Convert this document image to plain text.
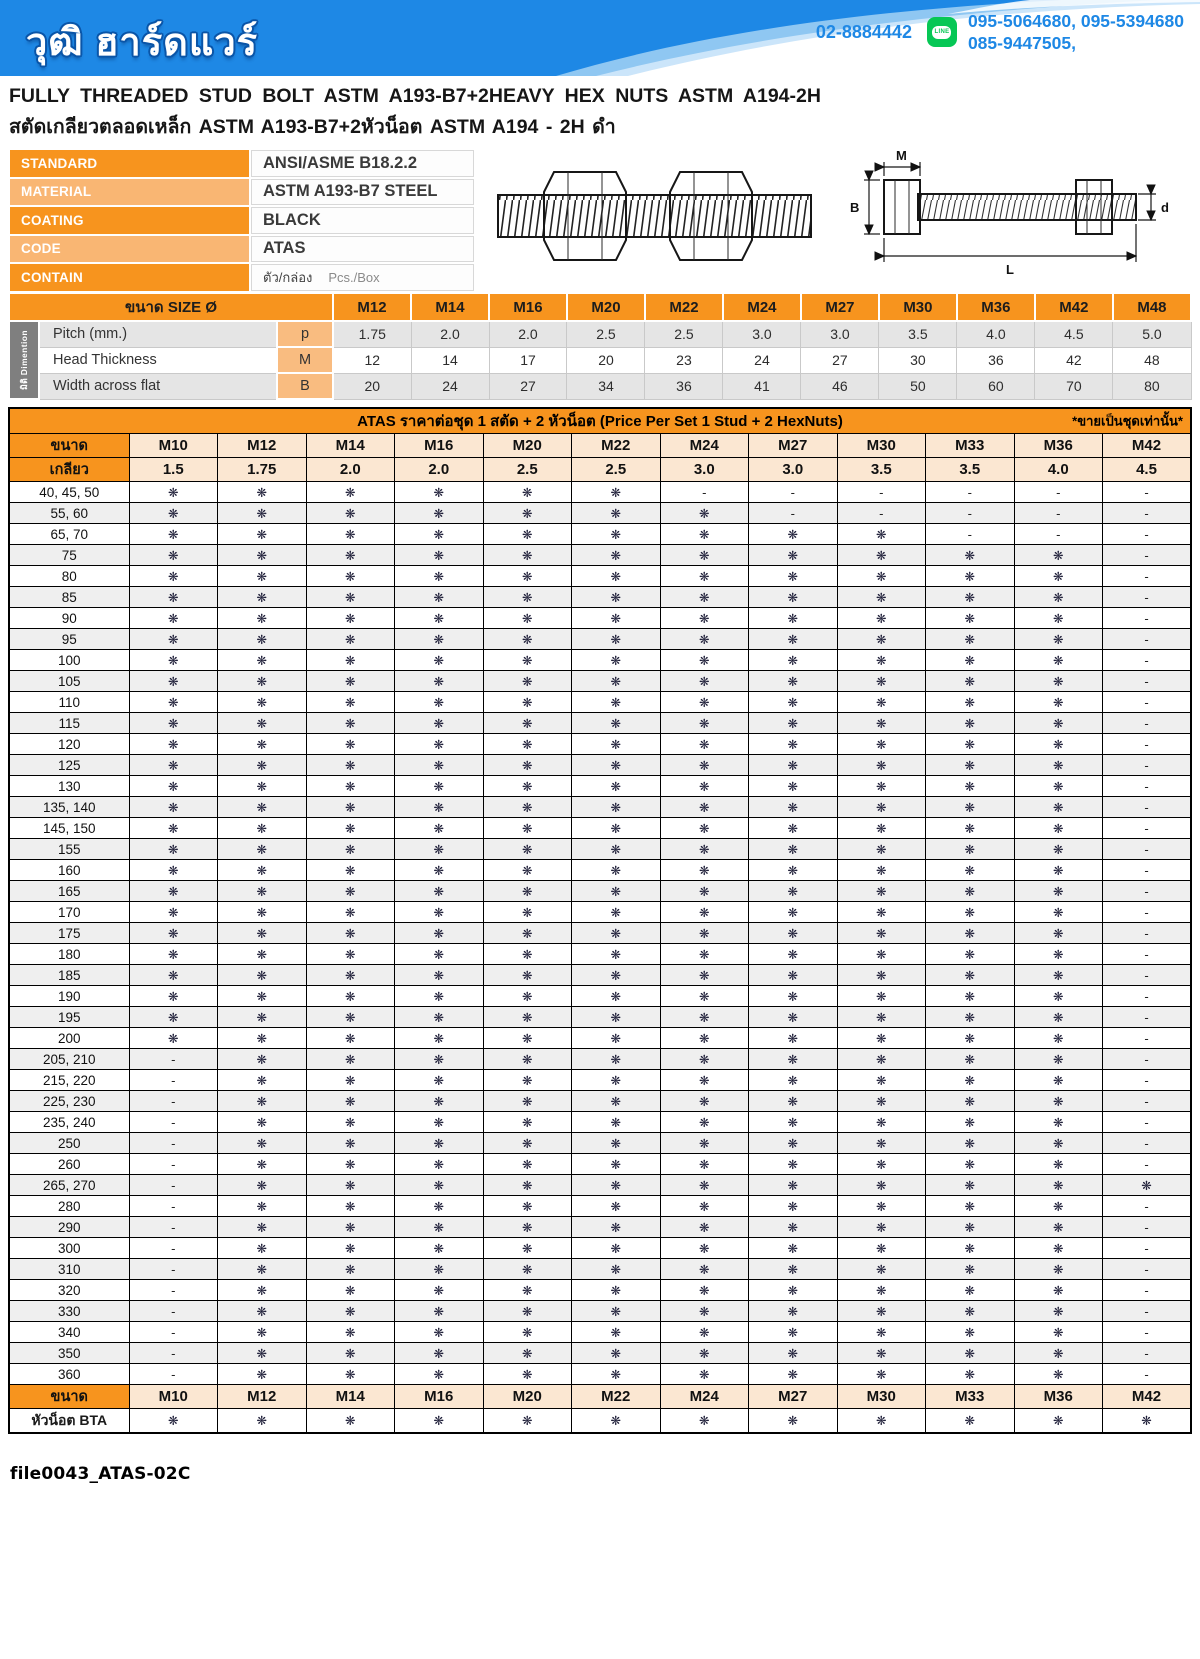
วุฒิ ฮาร์ดแวร์	02-8884442	LINE
095-5064680, 095-5394680
085-9447505,
FULLY THREADED STUD BOLT ASTM A193-B7+2HEAVY HEX NUTS ASTM A194-2H
สตัดเกลียวตลอดเหล็ก ASTM A193-B7+2หัวน็อต ASTM A194 - 2H ดำ
STANDARD	ANSI/ASME B18.2.2
MATERIAL	ASTM A193-B7 STEEL
COATING	BLACK
CODE	ATAS
CONTAIN	ตัว/กล่อง Pcs./Box
M
B	d
L
ขนาด SIZE Ø			M12	M14	M16	M20	M22	M24	M27	M30	M36	M42	M48

มิติ Dimention	Pitch (mm.)	p	1.75	2.0	2.0	2.5	2.5	3.0	3.0	3.5	4.0	4.5	5.0
	Head Thickness	M	12	14	17	20	23	24	27	30	36	42	48
	Width across flat	B	20	24	27	34	36	41	46	50	60	70	80
ATAS ราคาต่อชุด 1 สตัด + 2 หัวน็อต (Price Per Set 1 Stud + 2 HexNuts) *ขายเป็นชุดเท่านั้น*												

ขนาด	M10	M12	M14	M16	M20	M22	M24	M27	M30	M33	M36	M42
เกลียว	1.5	1.75	2.0	2.0	2.5	2.5	3.0	3.0	3.5	3.5	4.0	4.5
40, 45, 50	❋	❋	❋	❋	❋	❋	-	-	-	-	-	-
55, 60	❋	❋	❋	❋	❋	❋	❋	-	-	-	-	-
65, 70	❋	❋	❋	❋	❋	❋	❋	❋	❋	-	-	-
75	❋	❋	❋	❋	❋	❋	❋	❋	❋	❋	❋	-
80	❋	❋	❋	❋	❋	❋	❋	❋	❋	❋	❋	-
85	❋	❋	❋	❋	❋	❋	❋	❋	❋	❋	❋	-
90	❋	❋	❋	❋	❋	❋	❋	❋	❋	❋	❋	-
95	❋	❋	❋	❋	❋	❋	❋	❋	❋	❋	❋	-
100	❋	❋	❋	❋	❋	❋	❋	❋	❋	❋	❋	-
105	❋	❋	❋	❋	❋	❋	❋	❋	❋	❋	❋	-
110	❋	❋	❋	❋	❋	❋	❋	❋	❋	❋	❋	-
115	❋	❋	❋	❋	❋	❋	❋	❋	❋	❋	❋	-
120	❋	❋	❋	❋	❋	❋	❋	❋	❋	❋	❋	-
125	❋	❋	❋	❋	❋	❋	❋	❋	❋	❋	❋	-
130	❋	❋	❋	❋	❋	❋	❋	❋	❋	❋	❋	-
135, 140	❋	❋	❋	❋	❋	❋	❋	❋	❋	❋	❋	-
145, 150	❋	❋	❋	❋	❋	❋	❋	❋	❋	❋	❋	-
155	❋	❋	❋	❋	❋	❋	❋	❋	❋	❋	❋	-
160	❋	❋	❋	❋	❋	❋	❋	❋	❋	❋	❋	-
165	❋	❋	❋	❋	❋	❋	❋	❋	❋	❋	❋	-
170	❋	❋	❋	❋	❋	❋	❋	❋	❋	❋	❋	-
175	❋	❋	❋	❋	❋	❋	❋	❋	❋	❋	❋	-
180	❋	❋	❋	❋	❋	❋	❋	❋	❋	❋	❋	-
185	❋	❋	❋	❋	❋	❋	❋	❋	❋	❋	❋	-
190	❋	❋	❋	❋	❋	❋	❋	❋	❋	❋	❋	-
195	❋	❋	❋	❋	❋	❋	❋	❋	❋	❋	❋	-
200	❋	❋	❋	❋	❋	❋	❋	❋	❋	❋	❋	-
205, 210	-	❋	❋	❋	❋	❋	❋	❋	❋	❋	❋	-
215, 220	-	❋	❋	❋	❋	❋	❋	❋	❋	❋	❋	-
225, 230	-	❋	❋	❋	❋	❋	❋	❋	❋	❋	❋	-
235, 240	-	❋	❋	❋	❋	❋	❋	❋	❋	❋	❋	-
250	-	❋	❋	❋	❋	❋	❋	❋	❋	❋	❋	-
260	-	❋	❋	❋	❋	❋	❋	❋	❋	❋	❋	-
265, 270	-	❋	❋	❋	❋	❋	❋	❋	❋	❋	❋	❋
280	-	❋	❋	❋	❋	❋	❋	❋	❋	❋	❋	-
290	-	❋	❋	❋	❋	❋	❋	❋	❋	❋	❋	-
300	-	❋	❋	❋	❋	❋	❋	❋	❋	❋	❋	-
310	-	❋	❋	❋	❋	❋	❋	❋	❋	❋	❋	-
320	-	❋	❋	❋	❋	❋	❋	❋	❋	❋	❋	-
330	-	❋	❋	❋	❋	❋	❋	❋	❋	❋	❋	-
340	-	❋	❋	❋	❋	❋	❋	❋	❋	❋	❋	-
350	-	❋	❋	❋	❋	❋	❋	❋	❋	❋	❋	-
360	-	❋	❋	❋	❋	❋	❋	❋	❋	❋	❋	-
ขนาด	M10	M12	M14	M16	M20	M22	M24	M27	M30	M33	M36	M42
หัวน็อต BTA	❋	❋	❋	❋	❋	❋	❋	❋	❋	❋	❋	❋
file0043_ATAS-02C
